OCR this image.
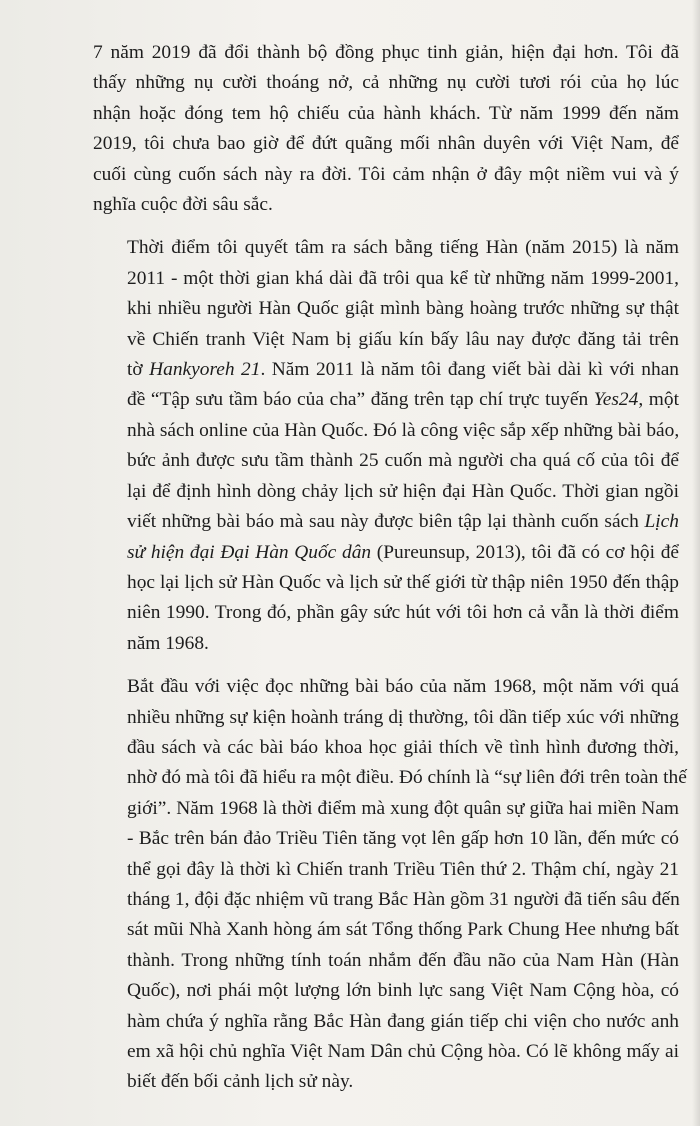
7 năm 2019 đã đổi thành bộ đồng phục tinh giản, hiện đại hơn. Tôi đã
thấy những nụ cười thoáng nở, cả những nụ cười tươi rói của họ lúc
nhận hoặc đóng tem hộ chiếu của hành khách. Từ năm 1999 đến năm
2019, tôi chưa bao giờ để đứt quãng mối nhân duyên với Việt Nam, để
cuối cùng cuốn sách này ra đời. Tôi cảm nhận ở đây một niềm vui và ý
nghĩa cuộc đời sâu sắc.

Thời điểm tôi quyết tâm ra sách bằng tiếng Hàn (năm 2015) là năm
2011 - một thời gian khá dài đã trôi qua kể từ những năm 1999-2001,
khi nhiều người Hàn Quốc giật mình bàng hoàng trước những sự thật
về Chiến tranh Việt Nam bị giấu kín bấy lâu nay được đăng tải trên
tờ Hankyoreh 21. Năm 2011 là năm tôi đang viết bài dài kì với nhan
đề “Tập sưu tầm báo của cha” đăng trên tạp chí trực tuyến Yes24, một
nhà sách online của Hàn Quốc. Đó là công việc sắp xếp những bài báo,
bức ảnh được sưu tầm thành 25 cuốn mà người cha quá cố của tôi để
lại để định hình dòng chảy lịch sử hiện đại Hàn Quốc. Thời gian ngồi
viết những bài báo mà sau này được biên tập lại thành cuốn sách Lịch
sử hiện đại Đại Hàn Quốc dân (Pureunsup, 2013), tôi đã có cơ hội để
học lại lịch sử Hàn Quốc và lịch sử thế giới từ thập niên 1950 đến thập
niên 1990. Trong đó, phần gây sức hút với tôi hơn cả vẫn là thời điểm
năm 1968.

Bắt đầu với việc đọc những bài báo của năm 1968, một năm với quá
nhiều những sự kiện hoành tráng dị thường, tôi dần tiếp xúc với những
đầu sách và các bài báo khoa học giải thích về tình hình đương thời,
nhờ đó mà tôi đã hiểu ra một điều. Đó chính là “sự liên đới trên toàn thế
giới”. Năm 1968 là thời điểm mà xung đột quân sự giữa hai miền Nam
- Bắc trên bán đảo Triều Tiên tăng vọt lên gấp hơn 10 lần, đến mức có
thể gọi đây là thời kì Chiến tranh Triều Tiên thứ 2. Thậm chí, ngày 21
tháng 1, đội đặc nhiệm vũ trang Bắc Hàn gồm 31 người đã tiến sâu đến
sát mũi Nhà Xanh hòng ám sát Tổng thống Park Chung Hee nhưng bất
thành. Trong những tính toán nhắm đến đầu não của Nam Hàn (Hàn
Quốc), nơi phái một lượng lớn binh lực sang Việt Nam Cộng hòa, có
hàm chứa ý nghĩa rằng Bắc Hàn đang gián tiếp chi viện cho nước anh
em xã hội chủ nghĩa Việt Nam Dân chủ Cộng hòa. Có lẽ không mấy ai
biết đến bối cảnh lịch sử này.
